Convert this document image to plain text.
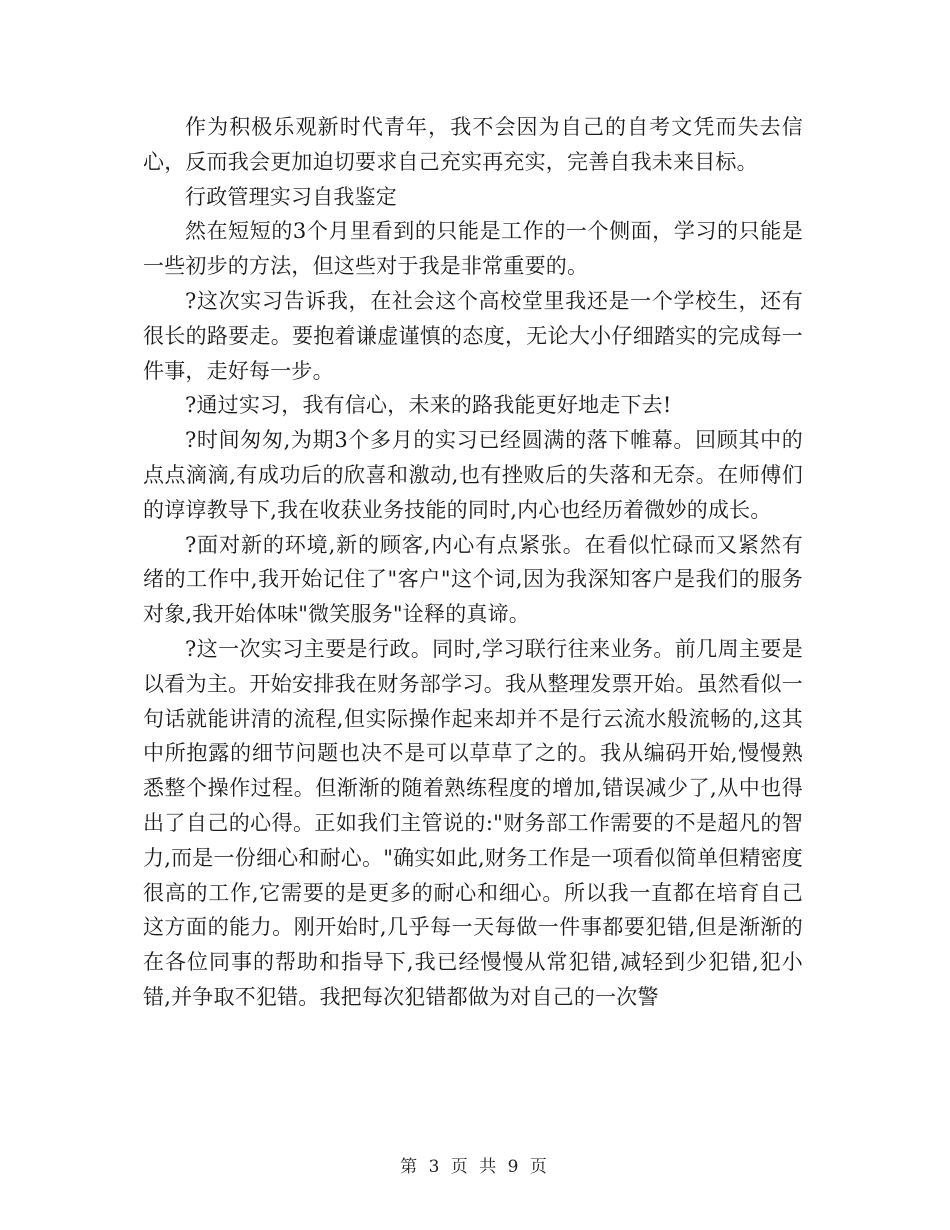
作为积极乐观新时代青年，我不会因为自己的自考文凭而失去信心，反而我会更加迫切要求自己充实再充实，完善自我未来目标。

行政管理实习自我鉴定

然在短短的3个月里看到的只能是工作的一个侧面，学习的只能是一些初步的方法，但这些对于我是非常重要的。

?这次实习告诉我，在社会这个高校堂里我还是一个学校生，还有很长的路要走。要抱着谦虚谨慎的态度，无论大小仔细踏实的完成每一件事，走好每一步。

?通过实习，我有信心，未来的路我能更好地走下去!

?时间匆匆,为期3个多月的实习已经圆满的落下帷幕。回顾其中的点点滴滴,有成功后的欣喜和激动,也有挫败后的失落和无奈。在师傅们的谆谆教导下,我在收获业务技能的同时,内心也经历着微妙的成长。

?面对新的环境,新的顾客,内心有点紧张。在看似忙碌而又紧然有绪的工作中,我开始记住了"客户"这个词,因为我深知客户是我们的服务对象,我开始体味"微笑服务"诠释的真谛。

?这一次实习主要是行政。同时,学习联行往来业务。前几周主要是以看为主。开始安排我在财务部学习。我从整理发票开始。虽然看似一句话就能讲清的流程,但实际操作起来却并不是行云流水般流畅的,这其中所抱露的细节问题也决不是可以草草了之的。我从编码开始,慢慢熟悉整个操作过程。但渐渐的随着熟练程度的增加,错误减少了,从中也得出了自己的心得。正如我们主管说的:"财务部工作需要的不是超凡的智力,而是一份细心和耐心。"确实如此,财务工作是一项看似简单但精密度很高的工作,它需要的是更多的耐心和细心。所以我一直都在培育自己这方面的能力。刚开始时,几乎每一天每做一件事都要犯错,但是渐渐的在各位同事的帮助和指导下,我已经慢慢从常犯错,减轻到少犯错,犯小错,并争取不犯错。我把每次犯错都做为对自己的一次警

第 3 页 共 9 页
